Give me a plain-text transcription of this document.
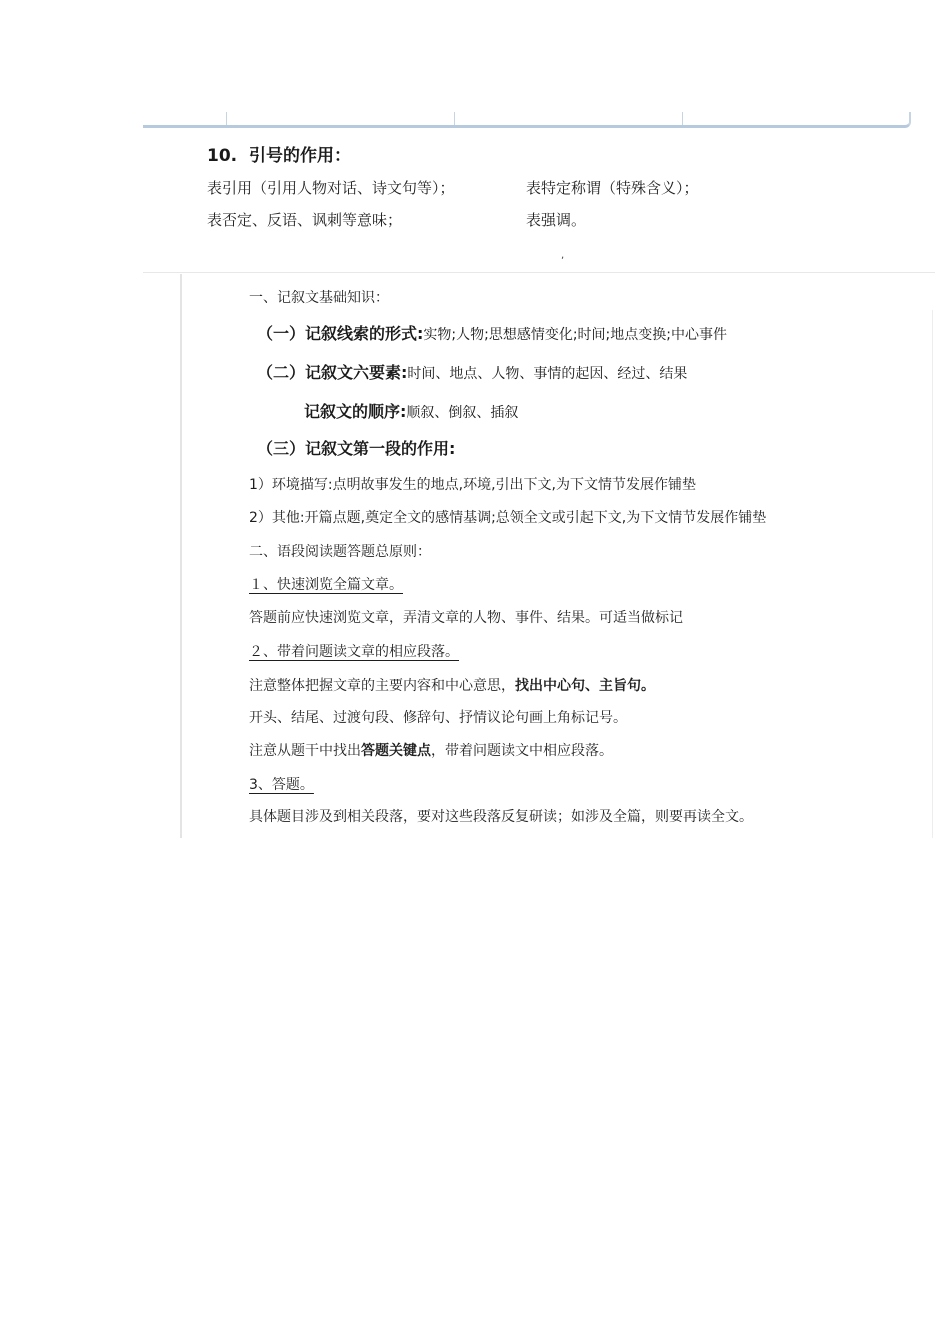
10. 引号的作用：
表引用（引用人物对话、诗文句等）；	表特定称谓（特殊含义）；
表否定、反语、讽刺等意味；	表强调。
,
一、记叙文基础知识：
（一）记叙线索的形式:实物;人物;思想感情变化;时间;地点变换;中心事件
（二）记叙文六要素:时间、地点、人物、事情的起因、经过、结果
记叙文的顺序:顺叙、倒叙、插叙
（三）记叙文第一段的作用:
1）环境描写:点明故事发生的地点,环境,引出下文,为下文情节发展作铺垫
2）其他:开篇点题,奠定全文的感情基调;总领全文或引起下文,为下文情节发展作铺垫
二、语段阅读题答题总原则：
１、快速浏览全篇文章。
答题前应快速浏览文章，弄清文章的人物、事件、结果。可适当做标记
２、带着问题读文章的相应段落。
注意整体把握文章的主要内容和中心意思，找出中心句、主旨句。
开头、结尾、过渡句段、修辞句、抒情议论句画上角标记号。
注意从题干中找出答题关键点，带着问题读文中相应段落。
3、答题。
具体题目涉及到相关段落，要对这些段落反复研读；如涉及全篇，则要再读全文。
